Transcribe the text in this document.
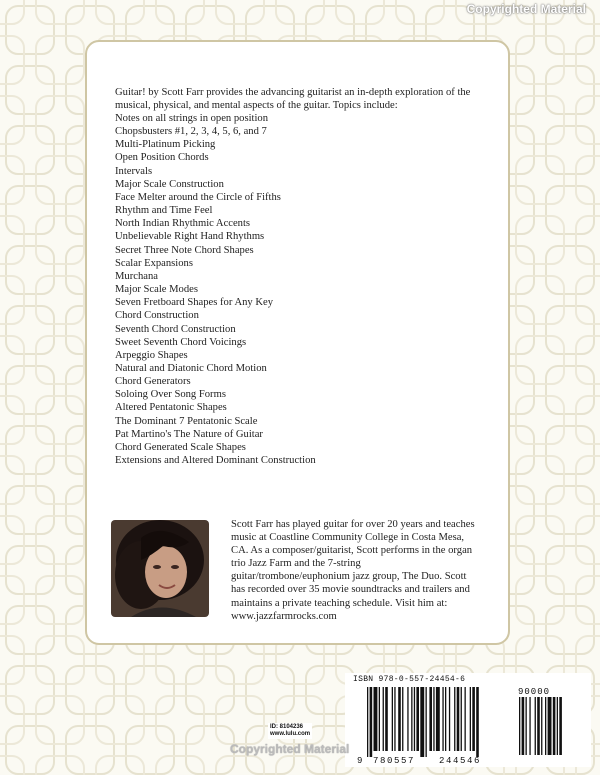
Copyrighted Material
Guitar! by Scott Farr provides the advancing guitarist an in-depth exploration of the musical, physical, and mental aspects of the guitar. Topics include:
Notes on all strings in open position
Chopsbusters #1, 2, 3, 4, 5, 6, and 7
Multi-Platinum Picking
Open Position Chords
Intervals
Major Scale Construction
Face Melter around the Circle of Fifths
Rhythm and Time Feel
North Indian Rhythmic Accents
Unbelievable Right Hand Rhythms
Secret Three Note Chord Shapes
Scalar Expansions
Murchana
Major Scale Modes
Seven Fretboard Shapes for Any Key
Chord Construction
Seventh Chord Construction
Sweet Seventh Chord Voicings
Arpeggio Shapes
Natural and Diatonic Chord Motion
Chord Generators
Soloing Over Song Forms
Altered Pentatonic Shapes
The Dominant 7 Pentatonic Scale
Pat Martino's The Nature of Guitar
Chord Generated Scale Shapes
Extensions and Altered Dominant Construction
Scott Farr has played guitar for over 20 years and teaches music at Coastline Community College in Costa Mesa, CA. As a composer/guitarist, Scott performs in the organ trio Jazz Farm and the 7-string guitar/trombone/euphonium jazz group, The Duo. Scott has recorded over 35 movie soundtracks and trailers and maintains a private teaching schedule. Visit him at: www.jazzfarmrocks.com
ID: 8104236
www.lulu.com
ISBN 978-0-557-24454-6
9 780557	244546
90000
Copyrighted Material
